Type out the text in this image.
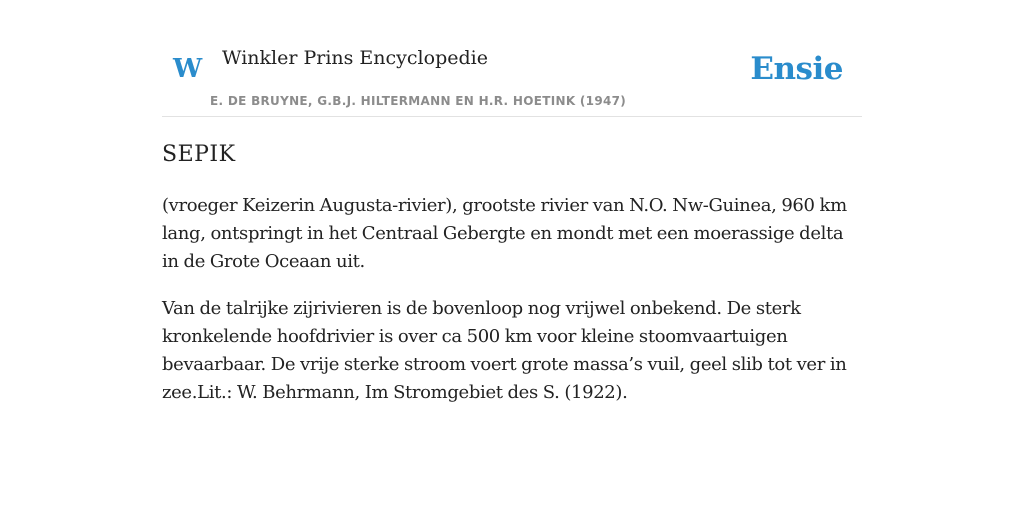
W Winkler Prins Encyclopedie
E. DE BRUYNE, G.B.J. HILTERMANN EN H.R. HOETINK (1947)
Ensie
SEPIK

(vroeger Keizerin Augusta-rivier), grootste rivier van N.O. Nw-Guinea, 960 km lang, ontspringt in het Centraal Gebergte en mondt met een moerassige delta in de Grote Oceaan uit.

Van de talrijke zijrivieren is de bovenloop nog vrijwel onbekend. De sterk kronkelende hoofdrivier is over ca 500 km voor kleine stoomvaartuigen bevaarbaar. De vrije sterke stroom voert grote massa’s vuil, geel slib tot ver in zee.Lit.: W. Behrmann, Im Stromgebiet des S. (1922).
